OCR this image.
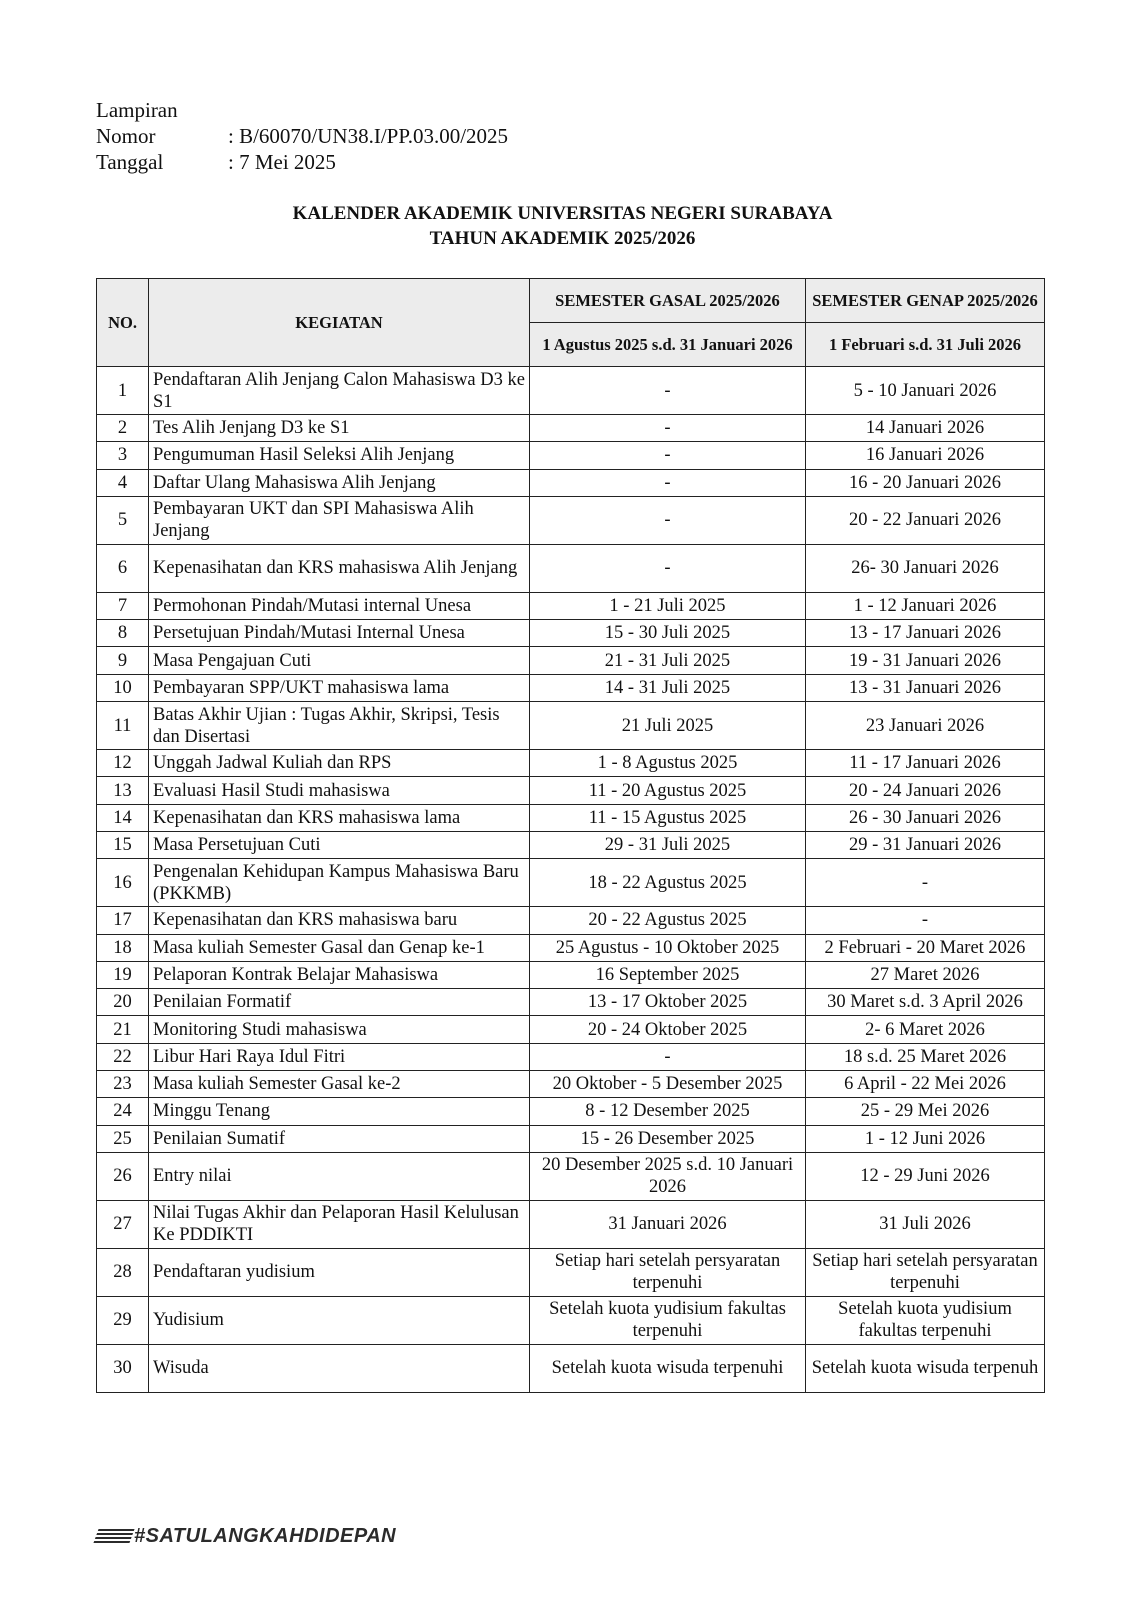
Lampiran
Nomor	: B/60070/UN38.I/PP.03.00/2025
Tanggal	: 7 Mei 2025
KALENDER AKADEMIK UNIVERSITAS NEGERI SURABAYA
TAHUN AKADEMIK 2025/2026
NO.	KEGIATAN	SEMESTER GASAL 2025/2026	SEMESTER GENAP 2025/2026
		1 Agustus 2025 s.d. 31 Januari 2026	1 Februari s.d. 31 Juli 2026
1	Pendaftaran Alih Jenjang Calon Mahasiswa D3 ke S1	-	5 - 10 Januari 2026
2	Tes Alih Jenjang D3 ke S1	-	14 Januari 2026
3	Pengumuman Hasil Seleksi Alih Jenjang	-	16 Januari 2026
4	Daftar Ulang Mahasiswa Alih Jenjang	-	16 - 20 Januari 2026
5	Pembayaran UKT dan SPI Mahasiswa Alih Jenjang	-	20 - 22 Januari 2026
6	Kepenasihatan dan KRS mahasiswa Alih Jenjang	-	26- 30 Januari 2026
7	Permohonan Pindah/Mutasi internal Unesa	1 - 21 Juli 2025	1 - 12 Januari 2026
8	Persetujuan Pindah/Mutasi Internal Unesa	15 - 30 Juli 2025	13 - 17 Januari 2026
9	Masa Pengajuan Cuti	21 - 31 Juli 2025	19 - 31 Januari 2026
10	Pembayaran SPP/UKT mahasiswa lama	14 - 31 Juli 2025	13 - 31 Januari 2026
11	Batas Akhir Ujian : Tugas Akhir, Skripsi, Tesis dan Disertasi	21 Juli 2025	23 Januari 2026
12	Unggah Jadwal Kuliah dan RPS	1 - 8 Agustus 2025	11 - 17 Januari 2026
13	Evaluasi Hasil Studi mahasiswa	11 - 20 Agustus 2025	20 - 24 Januari 2026
14	Kepenasihatan dan KRS mahasiswa lama	11 - 15 Agustus 2025	26 - 30 Januari 2026
15	Masa Persetujuan Cuti	29 - 31 Juli 2025	29 - 31 Januari 2026
16	Pengenalan Kehidupan Kampus Mahasiswa Baru (PKKMB)	18 - 22 Agustus 2025	-
17	Kepenasihatan dan KRS mahasiswa baru	20 - 22 Agustus 2025	-
18	Masa kuliah Semester Gasal dan Genap ke-1	25 Agustus - 10 Oktober 2025	2 Februari - 20 Maret 2026
19	Pelaporan Kontrak Belajar Mahasiswa	16 September 2025	27 Maret 2026
20	Penilaian Formatif	13 - 17 Oktober 2025	30 Maret s.d. 3 April 2026
21	Monitoring Studi mahasiswa	20 - 24 Oktober 2025	2- 6 Maret 2026
22	Libur Hari Raya Idul Fitri	-	18 s.d. 25 Maret 2026
23	Masa kuliah Semester Gasal ke-2	20 Oktober - 5 Desember 2025	6 April - 22 Mei 2026
24	Minggu Tenang	8 - 12 Desember 2025	25 - 29 Mei 2026
25	Penilaian Sumatif	15 - 26 Desember 2025	1 - 12 Juni 2026
26	Entry nilai	20 Desember 2025 s.d. 10 Januari 2026	12 - 29 Juni 2026
27	Nilai Tugas Akhir dan Pelaporan Hasil Kelulusan Ke PDDIKTI	31 Januari 2026	31 Juli 2026
28	Pendaftaran yudisium	Setiap hari setelah persyaratan terpenuhi	Setiap hari setelah persyaratan terpenuhi
29	Yudisium	Setelah kuota yudisium fakultas terpenuhi	Setelah kuota yudisium fakultas terpenuhi
30	Wisuda	Setelah kuota wisuda terpenuhi	Setelah kuota wisuda terpenuh
#SATULANGKAHDIDEPAN
